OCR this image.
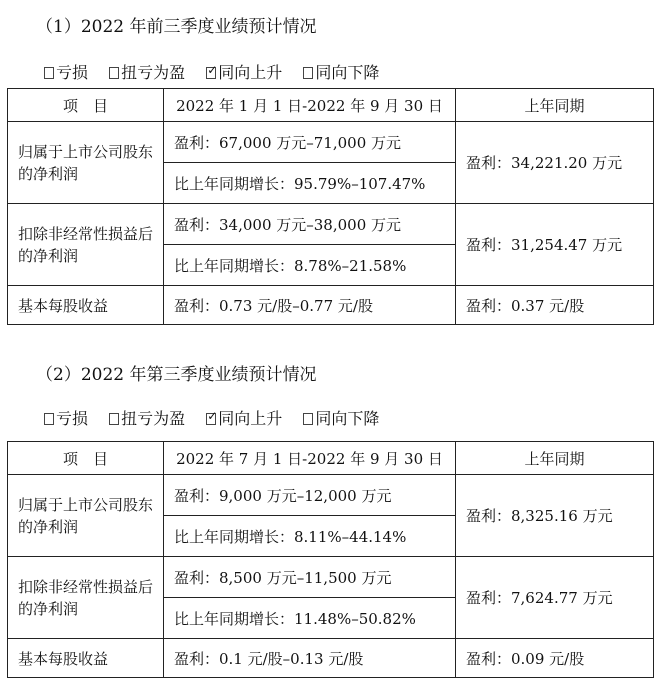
（1）2022 年前三季度业绩预计情况
亏损 扭亏为盈 ✓ 同向上升 同向下降
项　目	2022 年 1 月 1 日-2022 年 9 月 30 日	上年同期
归属于上市公司股东的净利润	盈利：67,000 万元–71,000 万元	盈利：34,221.20 万元
	比上年同期增长：95.79%–107.47%	
扣除非经常性损益后的净利润	盈利：34,000 万元–38,000 万元	盈利：31,254.47 万元
	比上年同期增长：8.78%–21.58%	
基本每股收益	盈利：0.73 元/股–0.77 元/股	盈利：0.37 元/股
（2）2022 年第三季度业绩预计情况
亏损 扭亏为盈 ✓ 同向上升 同向下降
项　目	2022 年 7 月 1 日-2022 年 9 月 30 日	上年同期
归属于上市公司股东的净利润	盈利：9,000 万元–12,000 万元	盈利：8,325.16 万元
	比上年同期增长：8.11%–44.14%	
扣除非经常性损益后的净利润	盈利：8,500 万元–11,500 万元	盈利：7,624.77 万元
	比上年同期增长：11.48%–50.82%	
基本每股收益	盈利：0.1 元/股–0.13 元/股	盈利：0.09 元/股
